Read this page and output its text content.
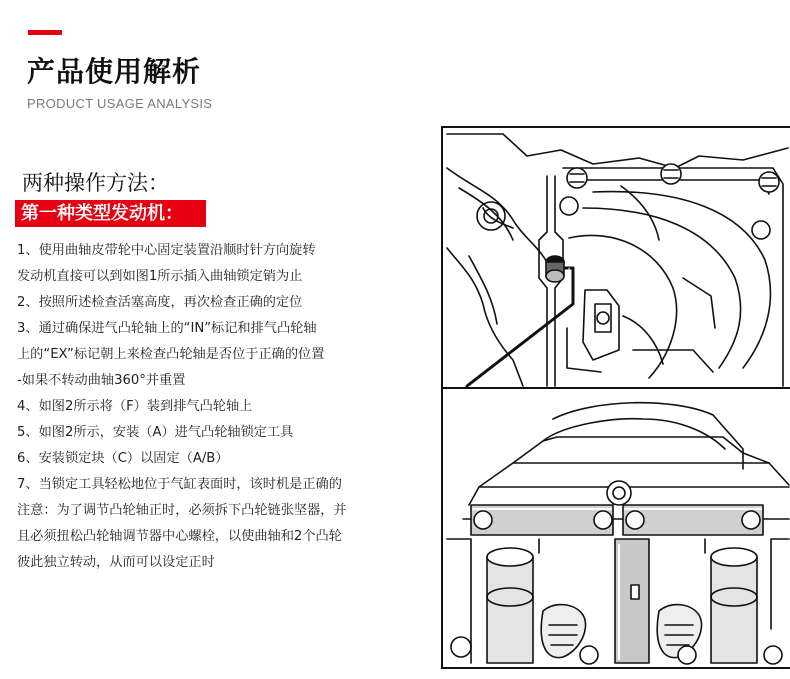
产品使用解析
PRODUCT USAGE ANALYSIS
两种操作方法：
第一种类型发动机：
1、使用曲轴皮带轮中心固定装置沿顺时针方向旋转
发动机直接可以到如图1所示插入曲轴锁定销为止
2、按照所述检查活塞高度，再次检查正确的定位
3、通过确保进气凸轮轴上的“IN”标记和排气凸轮轴
上的“EX”标记朝上来检查凸轮轴是否位于正确的位置
-如果不转动曲轴360°并重置
4、如图2所示将（F）装到排气凸轮轴上
5、如图2所示，安装（A）进气凸轮轴锁定工具
6、安装锁定块（C）以固定（A/B）
7、当锁定工具轻松地位于气缸表面时，该时机是正确的
注意：为了调节凸轮轴正时，必须拆下凸轮链张坚器，并
且必须扭松凸轮轴调节器中心螺栓，以使曲轴和2个凸轮
彼此独立转动，从而可以设定正时
